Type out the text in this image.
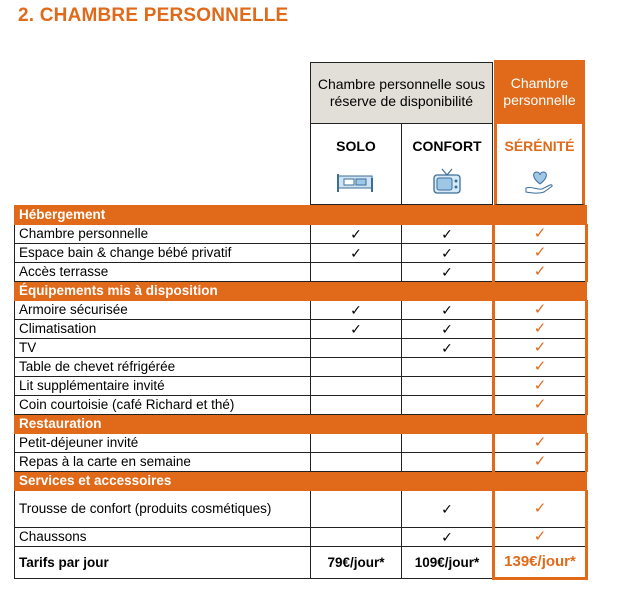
2. CHAMBRE PERSONNELLE
Chambre personnelle sous réserve de disponibilité
Chambre personnelle
SOLO	CONFORT SÉRÉNITÉ
Hébergement			
Chambre personnelle	✓	✓	✓
Espace bain & change bébé privatif	✓	✓	✓
Accès terrasse		✓	✓
Équipements mis à disposition			
Armoire sécurisée	✓	✓	✓
Climatisation	✓	✓	✓
TV		✓	✓
Table de chevet réfrigérée			✓
Lit supplémentaire invité			✓
Coin courtoisie (café Richard et thé)			✓
Restauration			
Petit-déjeuner invité			✓
Repas à la carte en semaine			✓
Services et accessoires			
Trousse de confort (produits cosmétiques)		✓	✓
Chaussons		✓	✓
Tarifs par jour	79€/jour*	109€/jour*	139€/jour*
